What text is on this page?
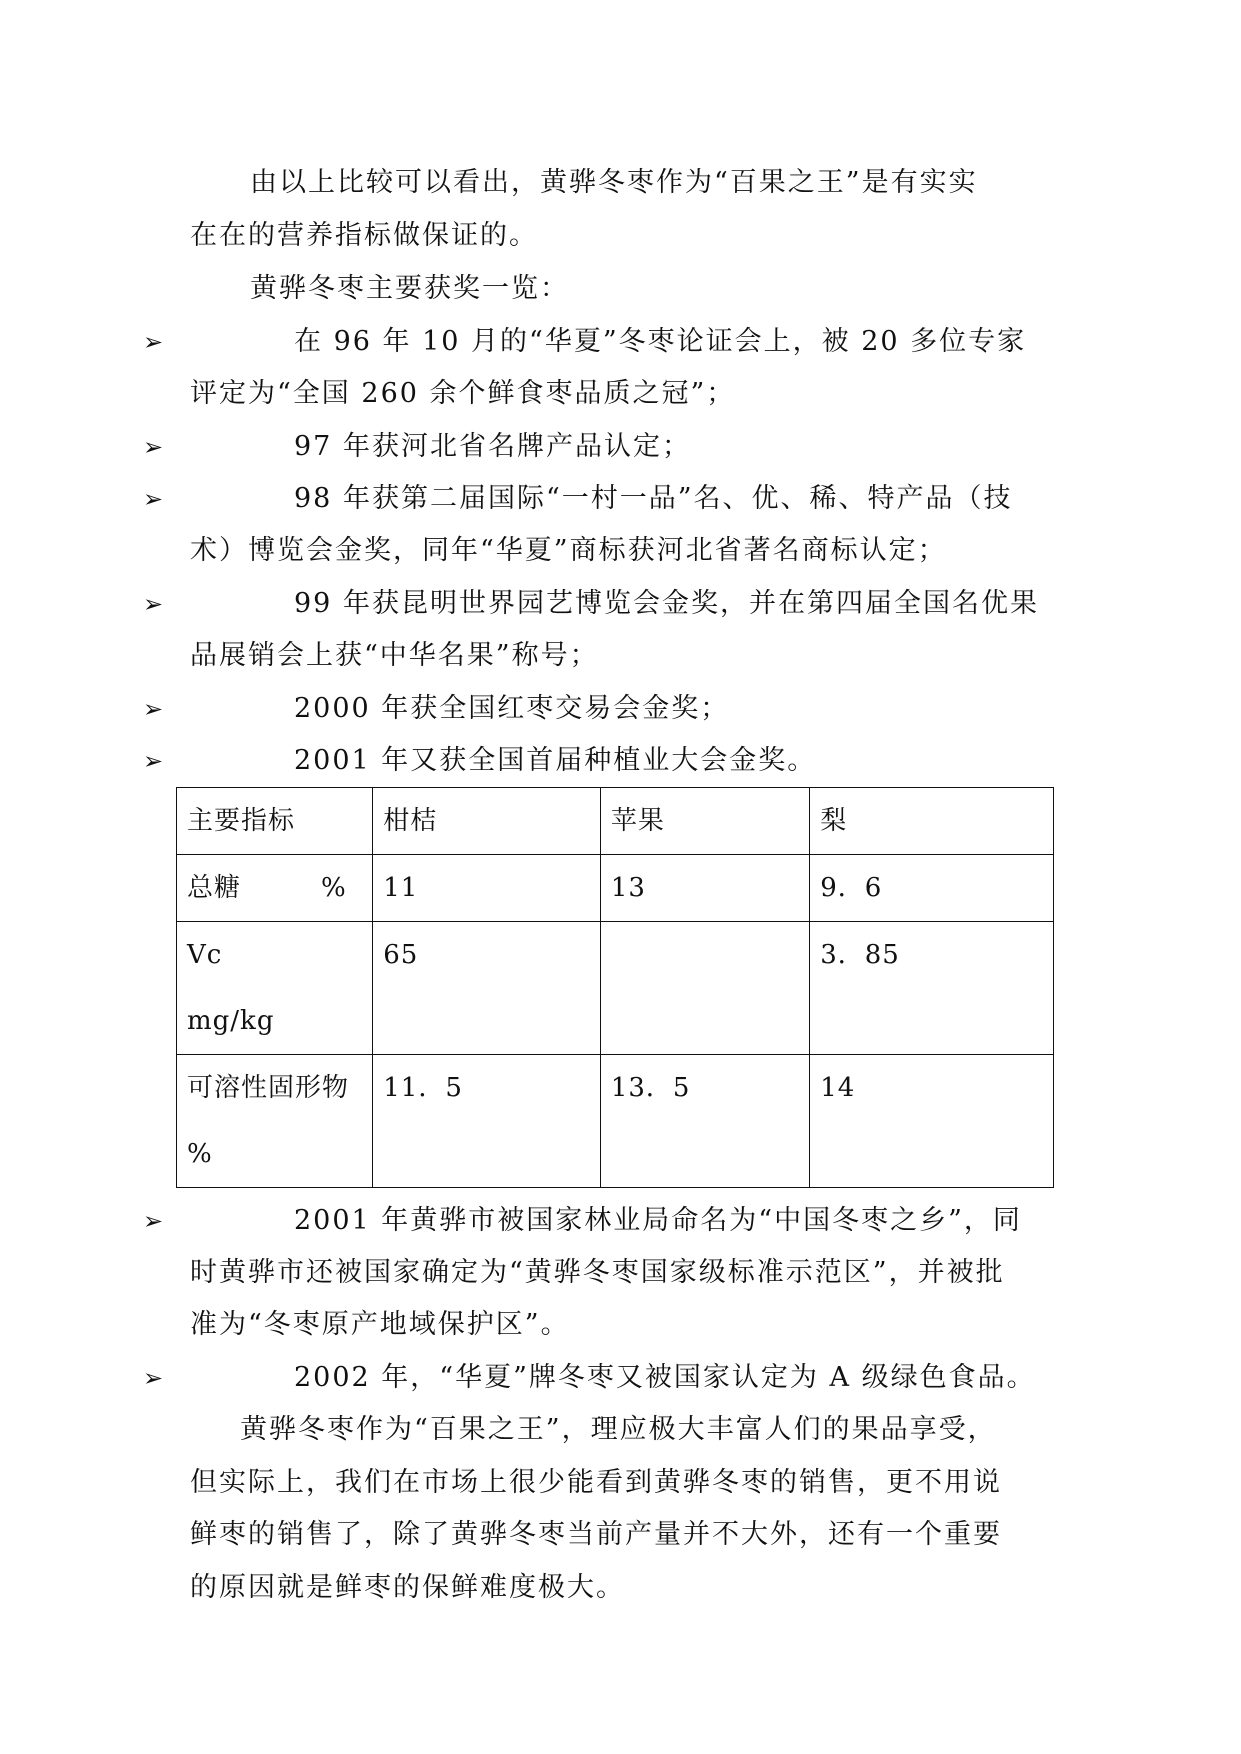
由以上比较可以看出，黄骅冬枣作为“百果之王”是有实实
在在的营养指标做保证的。
黄骅冬枣主要获奖一览：
➢	在 96 年 10 月的“华夏”冬枣论证会上，被 20 多位专家
评定为“全国 260 余个鲜食枣品质之冠”；
➢	97 年获河北省名牌产品认定；
➢	98 年获第二届国际“一村一品”名、优、稀、特产品（技
术）博览会金奖，同年“华夏”商标获河北省著名商标认定；
➢	99 年获昆明世界园艺博览会金奖，并在第四届全国名优果
品展销会上获“中华名果”称号；
➢	2000 年获全国红枣交易会金奖；
➢	2001 年又获全国首届种植业大会金奖。
主要指标	柑桔	苹果	梨
总糖 %	11	13	9．6

Vc
mg/kg	65		3．85

可溶性固形物
%	11．5	13．5	14
➢	2001 年黄骅市被国家林业局命名为“中国冬枣之乡”，同
时黄骅市还被国家确定为“黄骅冬枣国家级标准示范区”，并被批
准为“冬枣原产地域保护区”。
➢	2002 年，“华夏”牌冬枣又被国家认定为 A 级绿色食品。
黄骅冬枣作为“百果之王”，理应极大丰富人们的果品享受，
但实际上，我们在市场上很少能看到黄骅冬枣的销售，更不用说
鲜枣的销售了，除了黄骅冬枣当前产量并不大外，还有一个重要
的原因就是鲜枣的保鲜难度极大。
